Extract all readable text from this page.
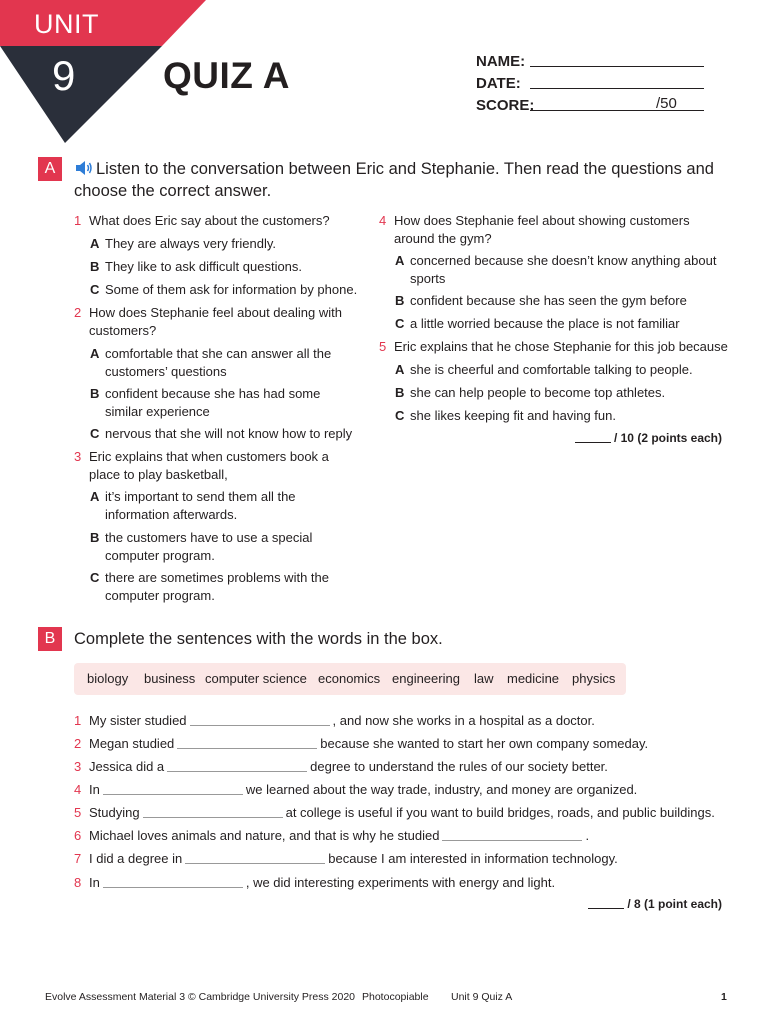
UNIT
9 QUIZ A	NAME:
DATE:
SCORE:	/50
A	Listen to the conversation between Eric and Stephanie. Then read the questions and choose the correct answer.
1 What does Eric say about the customers?
A They are always very friendly.
B They like to ask difficult questions.
C Some of them ask for information by phone.
2 How does Stephanie feel about dealing with customers?
A comfortable that she can answer all the customers’ questions
B confident because she has had some similar experience
C nervous that she will not know how to reply
3 Eric explains that when customers book a place to play basketball,
A it’s important to send them all the information afterwards.
B the customers have to use a special computer program.
C there are sometimes problems with the computer program.
4 How does Stephanie feel about showing customers around the gym?
A concerned because she doesn’t know anything about sports
B confident because she has seen the gym before
C a little worried because the place is not familiar
5 Eric explains that he chose Stephanie for this job because
A she is cheerful and comfortable talking to people.
B she can help people to become top athletes.
C she likes keeping fit and having fun.
/ 10 (2 points each)
B	Complete the sentences with the words in the box.
biology business computer science economics engineering law medicine physics
1 My sister studied	, and now she works in a hospital as a doctor.
2 Megan studied	because she wanted to start her own company someday.
3 Jessica did a	degree to understand the rules of our society better.
4 In	we learned about the way trade, industry, and money are organized.
5 Studying	at college is useful if you want to build bridges, roads, and public buildings.
6 Michael loves animals and nature, and that is why he studied	.
7 I did a degree in	because I am interested in information technology.
8 In	, we did interesting experiments with energy and light.
/ 8 (1 point each)
Evolve Assessment Material 3 © Cambridge University Press 2020 Photocopiable Unit 9 Quiz A	1
